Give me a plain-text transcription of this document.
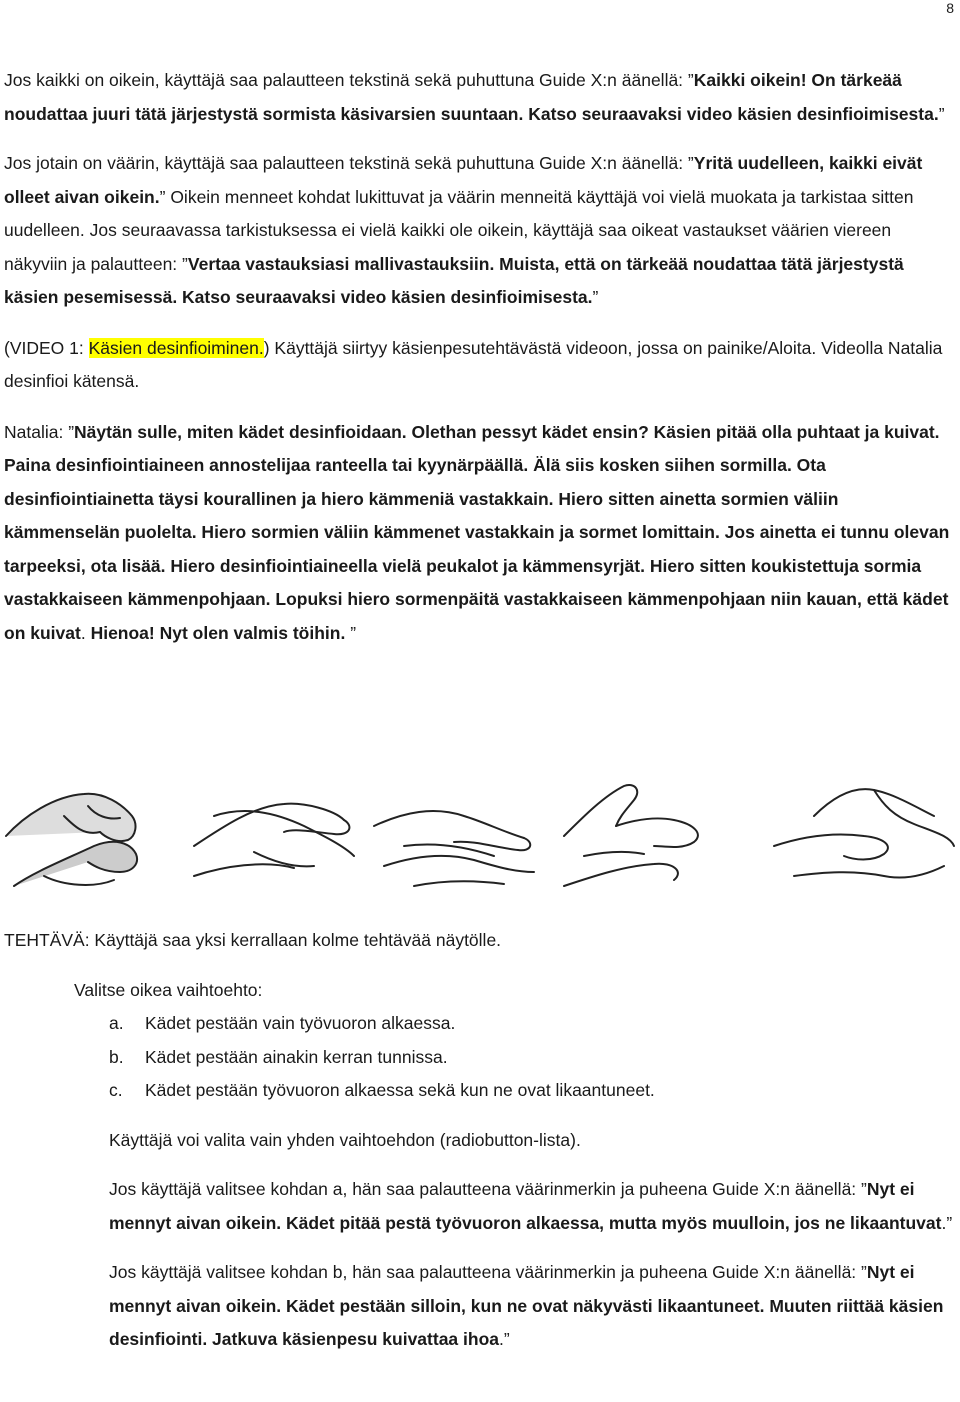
8

Jos kaikki on oikein, käyttäjä saa palautteen tekstinä sekä puhuttuna Guide X:n äänellä: ”Kaikki oikein! On tärkeää noudattaa juuri tätä järjestystä sormista käsivarsien suuntaan. Katso seuraavaksi video käsien desinfioimisesta.”

Jos jotain on väärin, käyttäjä saa palautteen tekstinä sekä puhuttuna Guide X:n äänellä: ”Yritä uudelleen, kaikki eivät olleet aivan oikein.” Oikein menneet kohdat lukittuvat ja väärin menneitä käyttäjä voi vielä muokata ja tarkistaa sitten uudelleen. Jos seuraavassa tarkistuksessa ei vielä kaikki ole oikein, käyttäjä saa oikeat vastaukset väärien viereen näkyviin ja palautteen: ”Vertaa vastauksiasi mallivastauksiin. Muista, että on tärkeää noudattaa tätä järjestystä käsien pesemisessä. Katso seuraavaksi video käsien desinfioimisesta.”

(VIDEO 1: Käsien desinfioiminen.) Käyttäjä siirtyy käsienpesutehtävästä videoon, jossa on painike/Aloita. Videolla Natalia desinfioi kätensä.

Natalia: ”Näytän sulle, miten kädet desinfioidaan. Olethan pessyt kädet ensin? Käsien pitää olla puhtaat ja kuivat. Paina desinfiointiaineen annostelijaa ranteella tai kyynärpäällä. Älä siis kosken siihen sormilla. Ota desinfiointiainetta täysi kourallinen ja hiero kämmeniä vastakkain. Hiero sitten ainetta sormien väliin kämmenselän puolelta. Hiero sormien väliin kämmenet vastakkain ja sormet lomittain. Jos ainetta ei tunnu olevan tarpeeksi, ota lisää. Hiero desinfiointiaineella vielä peukalot ja kämmensyrjät. Hiero sitten koukistettuja sormia vastakkaiseen kämmenpohjaan. Lopuksi hiero sormenpäitä vastakkaiseen kämmenpohjaan niin kauan, että kädet on kuivat. Hienoa! Nyt olen valmis töihin. ”

TEHTÄVÄ: Käyttäjä saa yksi kerrallaan kolme tehtävää näytölle.

Valitse oikea vaihtoehto:

a.	Kädet pestään vain työvuoron alkaessa.
b.	Kädet pestään ainakin kerran tunnissa.
c.	Kädet pestään työvuoron alkaessa sekä kun ne ovat likaantuneet.

Käyttäjä voi valita vain yhden vaihtoehdon (radiobutton-lista).

Jos käyttäjä valitsee kohdan a, hän saa palautteena väärinmerkin ja puheena Guide X:n äänellä: ”Nyt ei mennyt aivan oikein. Kädet pitää pestä työvuoron alkaessa, mutta myös muulloin, jos ne likaantuvat.”

Jos käyttäjä valitsee kohdan b, hän saa palautteena väärinmerkin ja puheena Guide X:n äänellä: ”Nyt ei mennyt aivan oikein. Kädet pestään silloin, kun ne ovat näkyvästi likaantuneet. Muuten riittää käsien desinfiointi. Jatkuva käsienpesu kuivattaa ihoa.”
